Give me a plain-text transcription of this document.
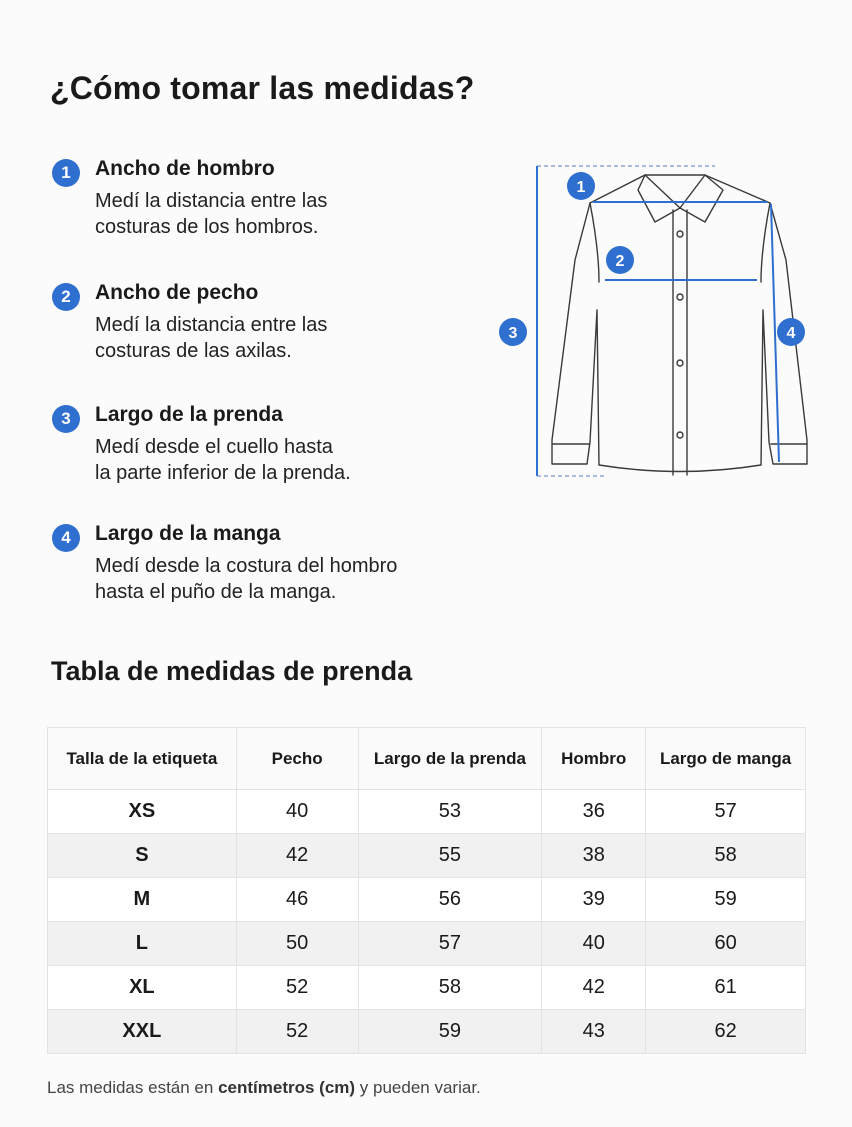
¿Cómo tomar las medidas?
1	Ancho de hombro
Medí la distancia entre las
costuras de los hombros.
2	Ancho de pecho
Medí la distancia entre las
costuras de las axilas.
3	Largo de la prenda
Medí desde el cuello hasta
la parte inferior de la prenda.
4	Largo de la manga
Medí desde la costura del hombro
hasta el puño de la manga.
1
2
3	4
Tabla de medidas de prenda
Talla de la etiqueta	Pecho	Largo de la prenda	Hombro	Largo de manga
XS	40	53	36	57
S	42	55	38	58
M	46	56	39	59
L	50	57	40	60
XL	52	58	42	61
XXL	52	59	43	62

Las medidas están en centímetros (cm) y pueden variar.
